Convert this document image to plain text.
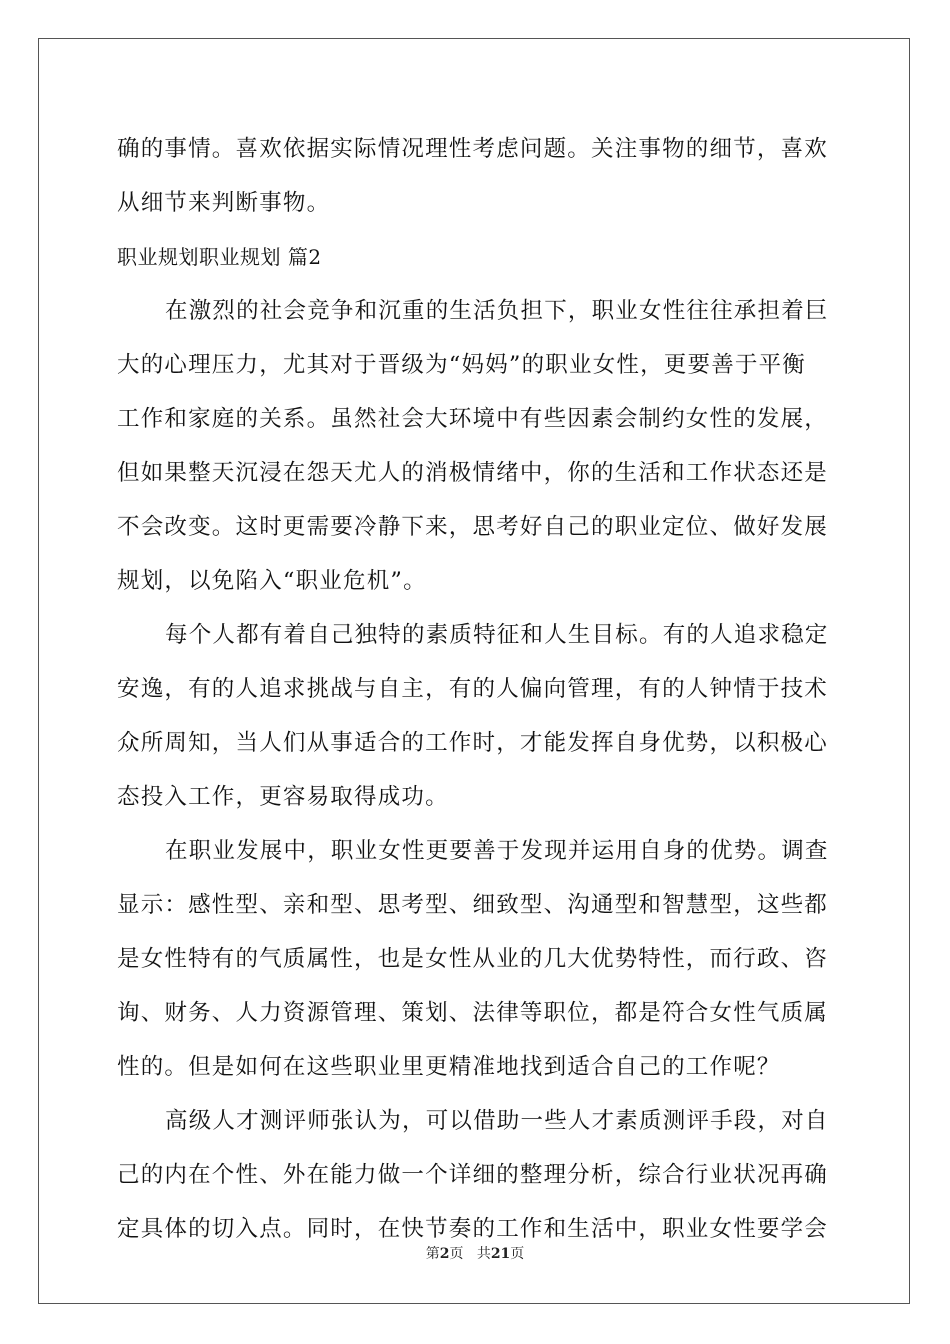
确的事情。喜欢依据实际情况理性考虑问题。关注事物的细节，喜欢
从细节来判断事物。
职业规划职业规划 篇2
在激烈的社会竞争和沉重的生活负担下，职业女性往往承担着巨
大的心理压力，尤其对于晋级为“妈妈”的职业女性，更要善于平衡
工作和家庭的关系。虽然社会大环境中有些因素会制约女性的发展，
但如果整天沉浸在怨天尤人的消极情绪中，你的生活和工作状态还是
不会改变。这时更需要冷静下来，思考好自己的职业定位、做好发展
规划，以免陷入“职业危机”。
每个人都有着自己独特的素质特征和人生目标。有的人追求稳定
安逸，有的人追求挑战与自主，有的人偏向管理，有的人钟情于技术
众所周知，当人们从事适合的工作时，才能发挥自身优势，以积极心
态投入工作，更容易取得成功。
在职业发展中，职业女性更要善于发现并运用自身的优势。调查
显示：感性型、亲和型、思考型、细致型、沟通型和智慧型，这些都
是女性特有的气质属性，也是女性从业的几大优势特性，而行政、咨
询、财务、人力资源管理、策划、法律等职位，都是符合女性气质属
性的。但是如何在这些职业里更精准地找到适合自己的工作呢？
高级人才测评师张认为，可以借助一些人才素质测评手段，对自
己的内在个性、外在能力做一个详细的整理分析，综合行业状况再确
定具体的切入点。同时，在快节奏的工作和生活中，职业女性要学会
第2页 共21页
